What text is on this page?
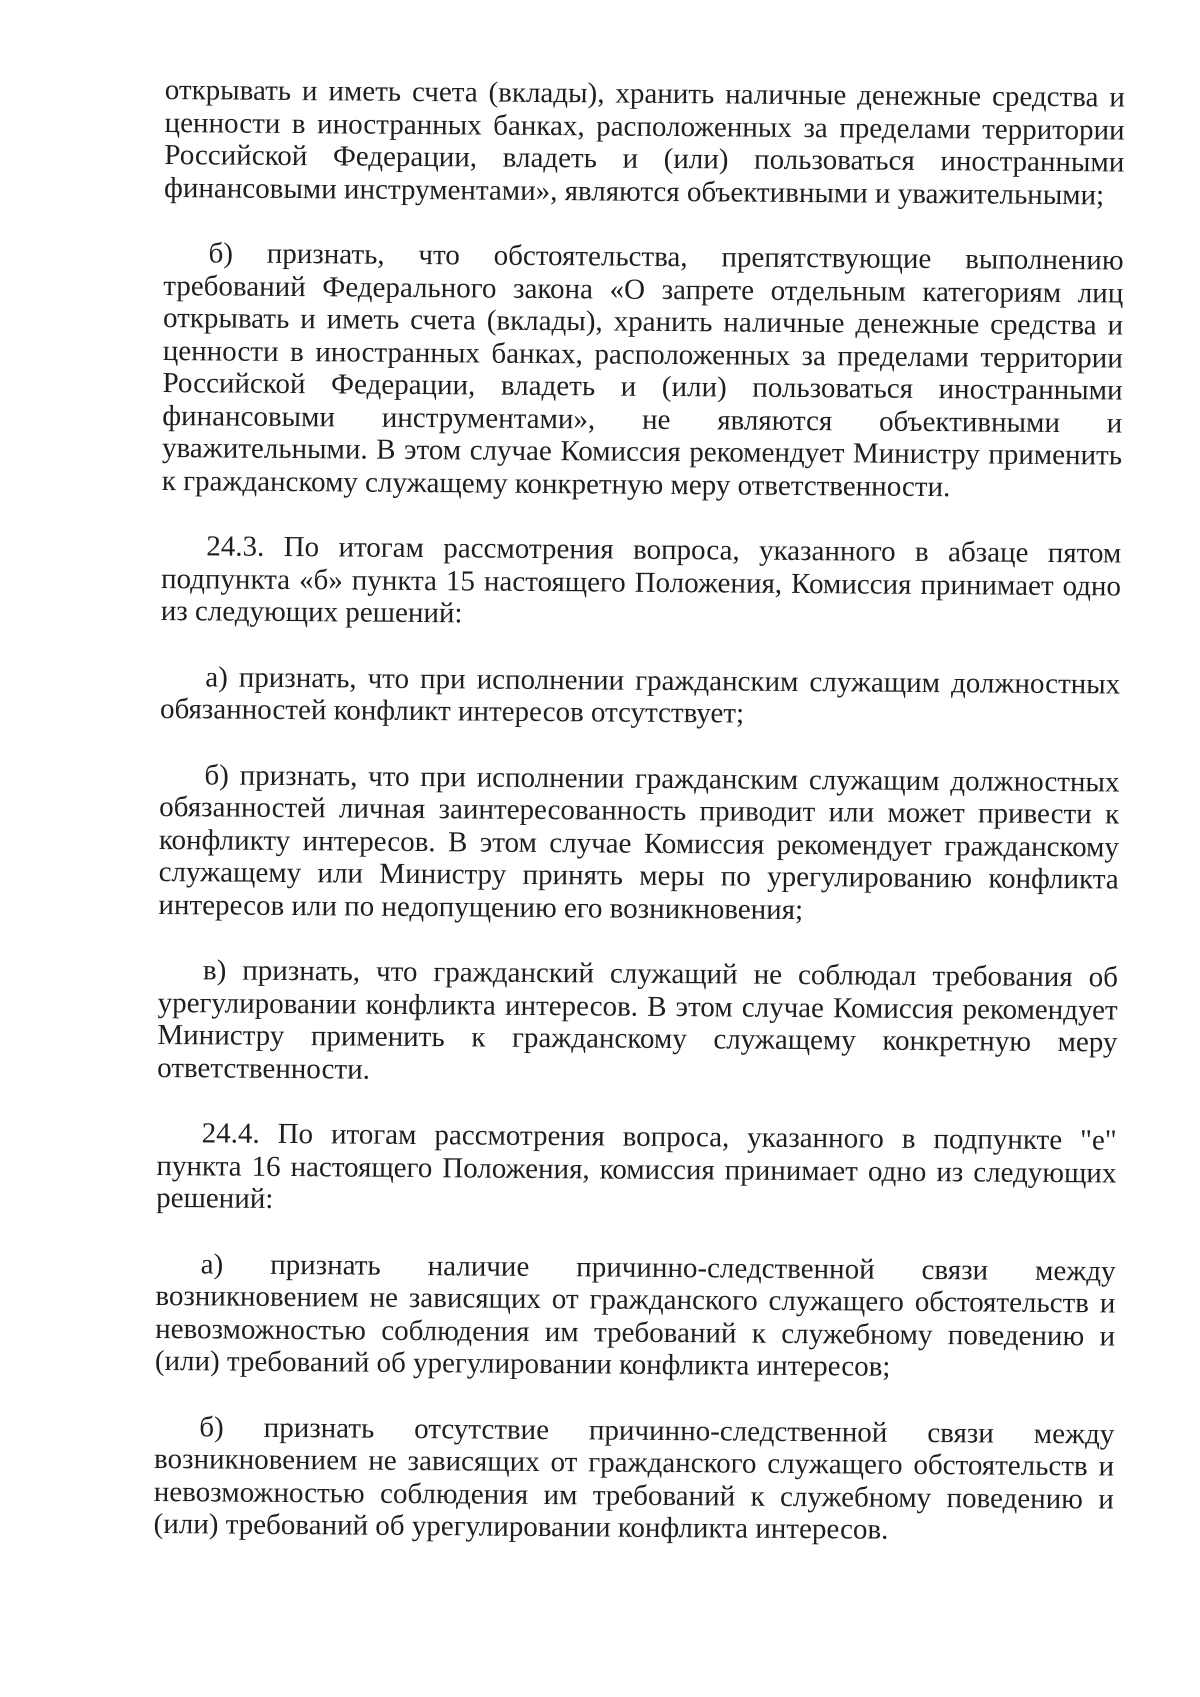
открывать и иметь счета (вклады), хранить наличные денежные средства и
ценности в иностранных банках, расположенных за пределами территории
Российской Федерации, владеть и (или) пользоваться иностранными
финансовыми инструментами», являются объективными и уважительными;
б) признать, что обстоятельства, препятствующие выполнению
требований Федерального закона «О запрете отдельным категориям лиц
открывать и иметь счета (вклады), хранить наличные денежные средства и
ценности в иностранных банках, расположенных за пределами территории
Российской Федерации, владеть и (или) пользоваться иностранными
финансовыми инструментами», не являются объективными и
уважительными. В этом случае Комиссия рекомендует Министру применить
к гражданскому служащему конкретную меру ответственности.
24.3. По итогам рассмотрения вопроса, указанного в абзаце пятом
подпункта «б» пункта 15 настоящего Положения, Комиссия принимает одно
из следующих решений:
а) признать, что при исполнении гражданским служащим должностных
обязанностей конфликт интересов отсутствует;
б) признать, что при исполнении гражданским служащим должностных
обязанностей личная заинтересованность приводит или может привести к
конфликту интересов. В этом случае Комиссия рекомендует гражданскому
служащему или Министру принять меры по урегулированию конфликта
интересов или по недопущению его возникновения;
в) признать, что гражданский служащий не соблюдал требования об
урегулировании конфликта интересов. В этом случае Комиссия рекомендует
Министру применить к гражданскому служащему конкретную меру
ответственности.
24.4. По итогам рассмотрения вопроса, указанного в подпункте "е"
пункта 16 настоящего Положения, комиссия принимает одно из следующих
решений:
а) признать наличие причинно-следственной связи между
возникновением не зависящих от гражданского служащего обстоятельств и
невозможностью соблюдения им требований к служебному поведению и
(или) требований об урегулировании конфликта интересов;
б) признать отсутствие причинно-следственной связи между
возникновением не зависящих от гражданского служащего обстоятельств и
невозможностью соблюдения им требований к служебному поведению и
(или) требований об урегулировании конфликта интересов.
